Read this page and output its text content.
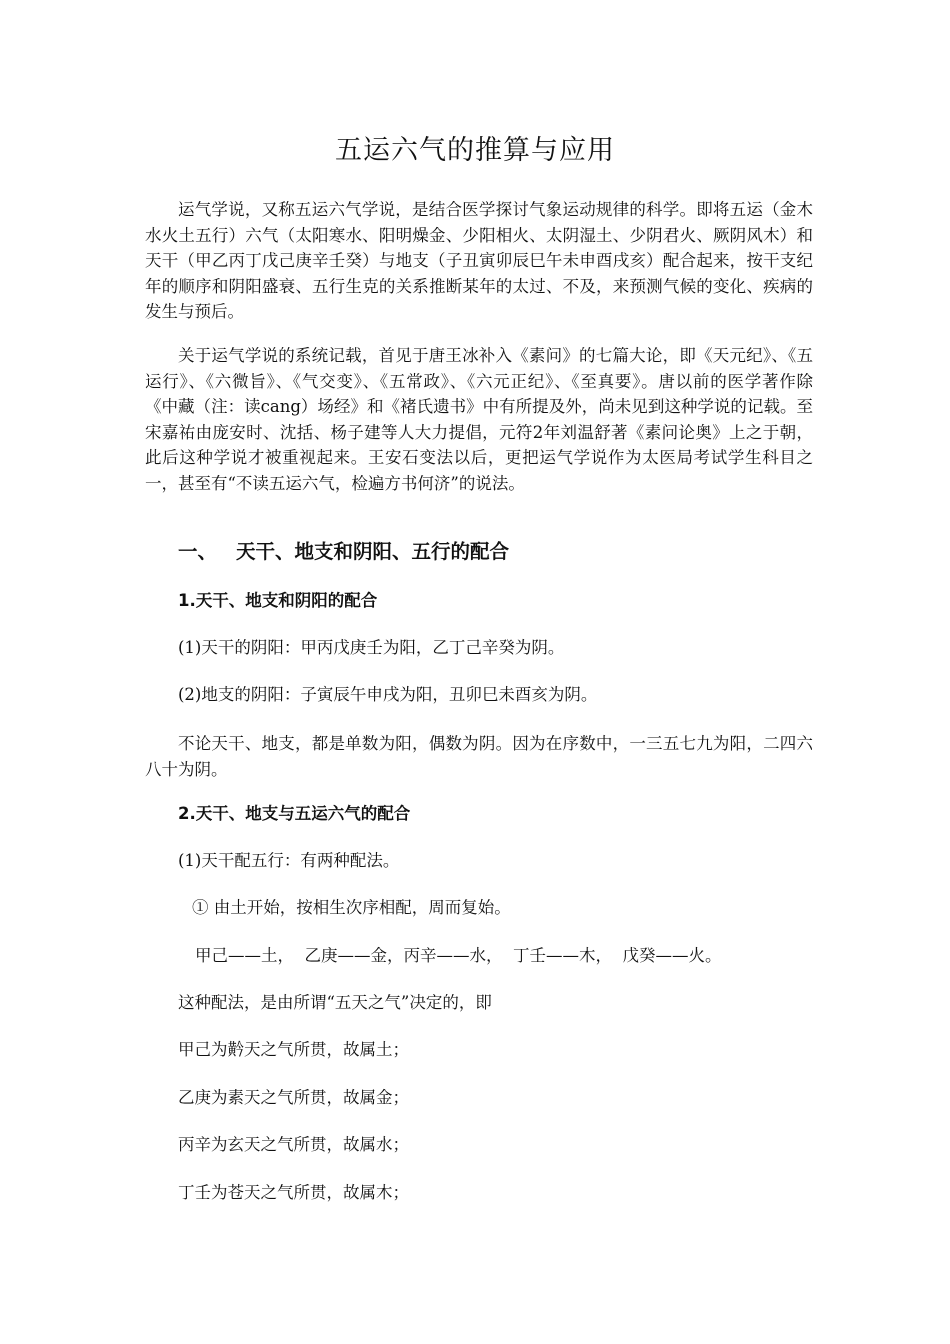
五运六气的推算与应用

运气学说，又称五运六气学说，是结合医学探讨气象运动规律的科学。即将五运（金木水火土五行）六气（太阳寒水、阳明燥金、少阳相火、太阴湿土、少阴君火、厥阴风木）和天干（甲乙丙丁戊己庚辛壬癸）与地支（子丑寅卯辰巳午未申酉戌亥）配合起来，按干支纪年的顺序和阴阳盛衰、五行生克的关系推断某年的太过、不及，来预测气候的变化、疾病的发生与预后。

关于运气学说的系统记载，首见于唐王冰补入《素问》的七篇大论，即《天元纪》、《五运行》、《六微旨》、《气交变》、《五常政》、《六元正纪》、《至真要》。唐以前的医学著作除《中藏（注：读cang）场经》和《褚氏遗书》中有所提及外，尚未见到这种学说的记载。至宋嘉祐由庞安时、沈括、杨子建等人大力提倡，元符2年刘温舒著《素问论奥》上之于朝，此后这种学说才被重视起来。王安石变法以后，更把运气学说作为太医局考试学生科目之一，甚至有“不读五运六气，检遍方书何济”的说法。

一、 天干、地支和阴阳、五行的配合
1.天干、地支和阴阳的配合

(1)天干的阴阳：甲丙戊庚壬为阳，乙丁己辛癸为阴。

(2)地支的阴阳：子寅辰午申戌为阳，丑卯巳未酉亥为阴。

不论天干、地支，都是单数为阳，偶数为阴。因为在序数中，一三五七九为阳，二四六八十为阴。

2.天干、地支与五运六气的配合

(1)天干配五行：有两种配法。

① 由土开始，按相生次序相配，周而复始。

甲己——土，  乙庚——金，丙辛——水，  丁壬——木，  戊癸——火。

这种配法，是由所谓“五天之气”决定的，即

甲己为黅天之气所贯，故属土；

乙庚为素天之气所贯，故属金；

丙辛为玄天之气所贯，故属水；

丁壬为苍天之气所贯，故属木；
